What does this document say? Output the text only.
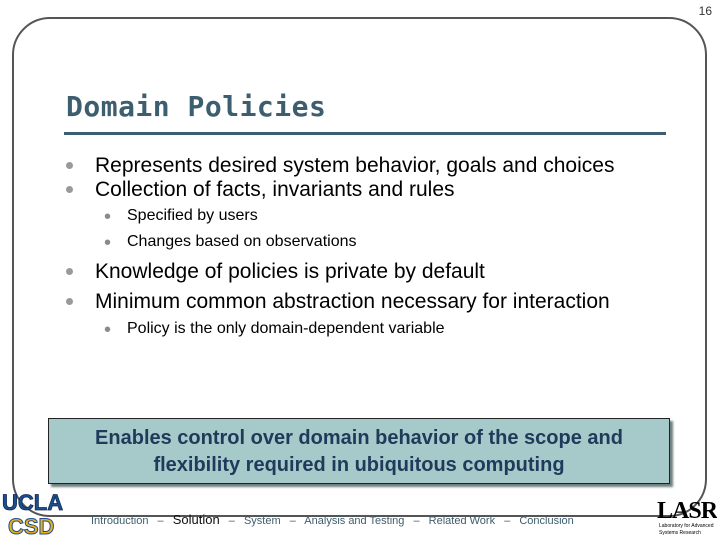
16
Domain Policies
Represents desired system behavior, goals and choices
Collection of facts, invariants and rules
• Specified by users
• Changes based on observations
Knowledge of policies is private by default
Minimum common abstraction necessary for interaction
• Policy is the only domain-dependent variable
Enables control over domain behavior of the scope and flexibility required in ubiquitous computing
UCLA
CSD	Introduction – Solution – System – Analysis and Testing – Related Work – Conclusion	LASR
Laboratory for Advanced
Systems Research
